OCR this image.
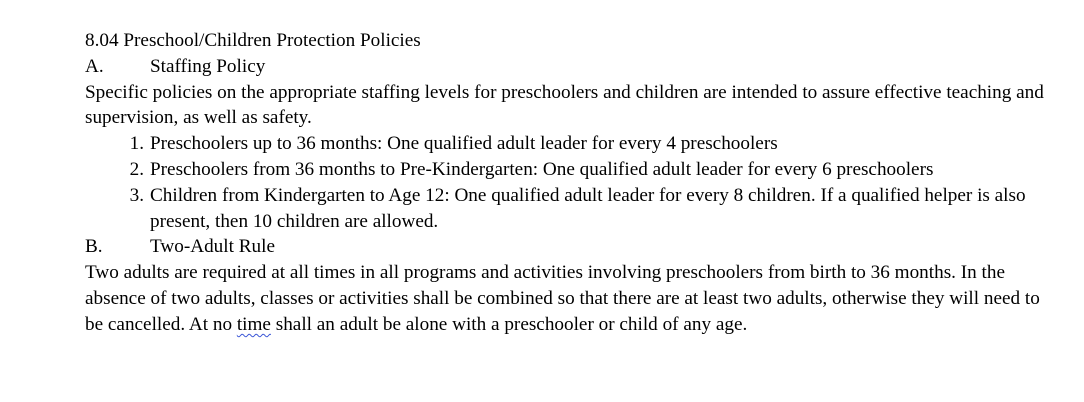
8.04 Preschool/Children Protection Policies
A.	Staffing Policy
Specific policies on the appropriate staffing levels for preschoolers and children are intended to assure effective teaching and supervision, as well as safety.
1. Preschoolers up to 36 months: One qualified adult leader for every 4 preschoolers
2. Preschoolers from 36 months to Pre-Kindergarten: One qualified adult leader for every 6 preschoolers
3. Children from Kindergarten to Age 12: One qualified adult leader for every 8 children. If a qualified helper is also present, then 10 children are allowed.
B.	Two-Adult Rule
Two adults are required at all times in all programs and activities involving preschoolers from birth to 36 months. In the absence of two adults, classes or activities shall be combined so that there are at least two adults, otherwise they will need to be cancelled. At no time shall an adult be alone with a preschooler or child of any age.
